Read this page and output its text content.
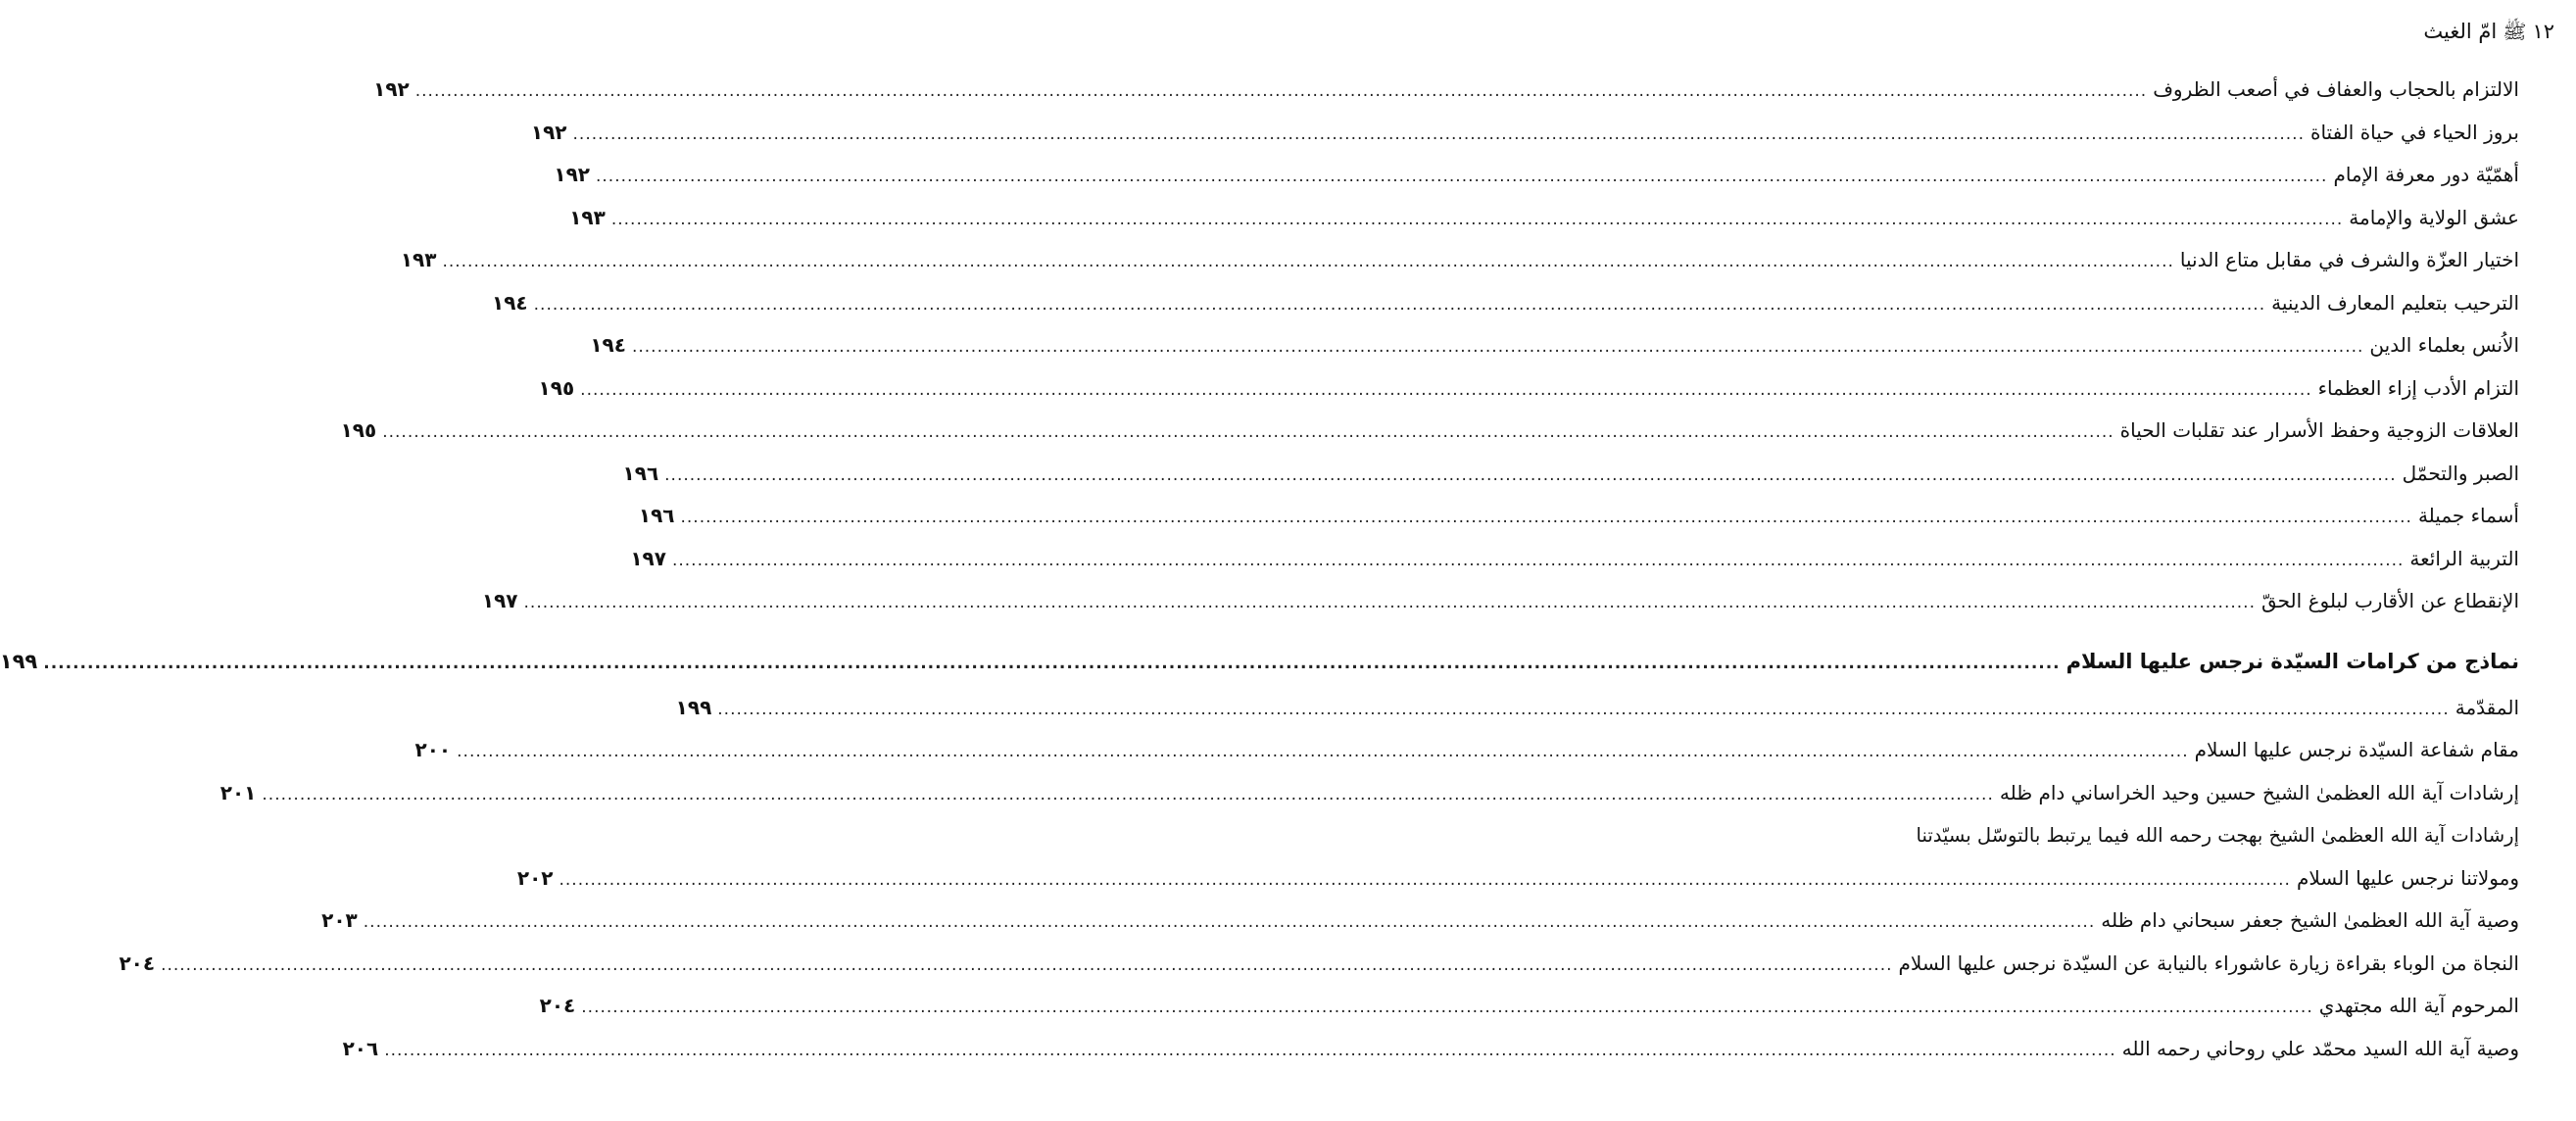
١٢
ﷺ
امّ الغيث
الالتزام بالحجاب والعفاف في أصعب الظروف
.....
١٩٢
بروز الحياء في حياة الفتاة
.....
١٩٢
أهمّيّة دور معرفة الإمام
.....
١٩٢
عشق الولاية والإمامة
.....
١٩٣
اختيار العزّة والشرف في مقابل متاع الدنيا
.....
١٩٣
الترحيب بتعليم المعارف الدينية
.....
١٩٤
الاُنس بعلماء الدين
.....
١٩٤
التزام الأدب إزاء العظماء
.....
١٩٥
العلاقات الزوجية وحفظ الأسرار عند تقلبات الحياة
.....
١٩٥
الصبر والتحمّل
.....
١٩٦
أسماء جميلة
.....
١٩٦
التربية الرائعة
.....
١٩٧
الإنقطاع عن الأقارب لبلوغ الحقّ
.....
١٩٧
نماذج من كرامات السيّدة نرجس عليها السلام
.....
١٩٩
المقدّمة
.....
١٩٩
مقام شفاعة السيّدة نرجس عليها السلام
.....
٢٠٠
إرشادات آية الله العظمىٰ الشيخ حسين وحيد الخراساني دام ظله
.....
٢٠١
إرشادات آية الله العظمىٰ الشيخ بهجت رحمه الله فيما يرتبط بالتوسّل بسيّدتنا
ومولاتنا نرجس عليها السلام
.....
٢٠٢
وصية آية الله العظمىٰ الشيخ جعفر سبحاني دام ظله
.....
٢٠٣
النجاة من الوباء بقراءة زيارة عاشوراء بالنيابة عن السيّدة نرجس عليها السلام
.....
٢٠٤
المرحوم آية الله مجتهدي
.....
٢٠٤
وصية آية الله السيد محمّد علي روحاني رحمه الله
.....
٢٠٦
